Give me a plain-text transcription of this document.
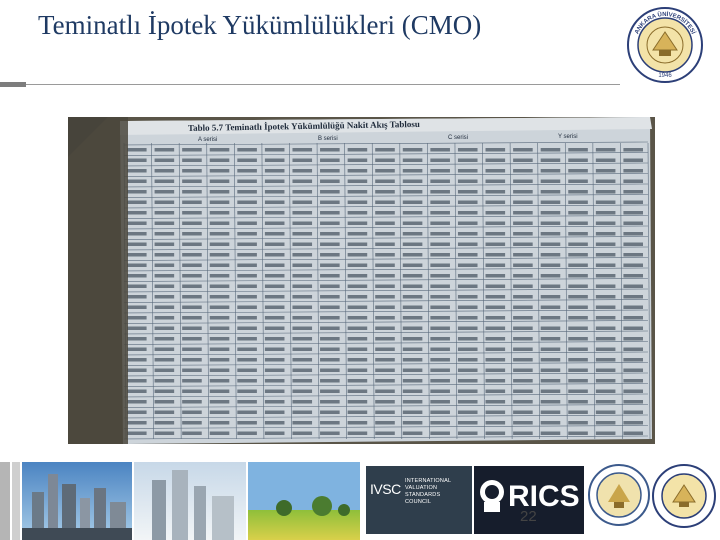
Teminatlı İpotek Yükümlülükleri (CMO)
1946
ANKARA ÜNİVERSİTESİ
Tablo 5.7 Teminatlı İpotek Yükümlülüğü Nakit Akış Tablosu
A serisi	B serisi	C serisi	Y serisi
IVSC INTERNATIONAL
VALUATION
STANDARDS
COUNCIL	RICS
22
